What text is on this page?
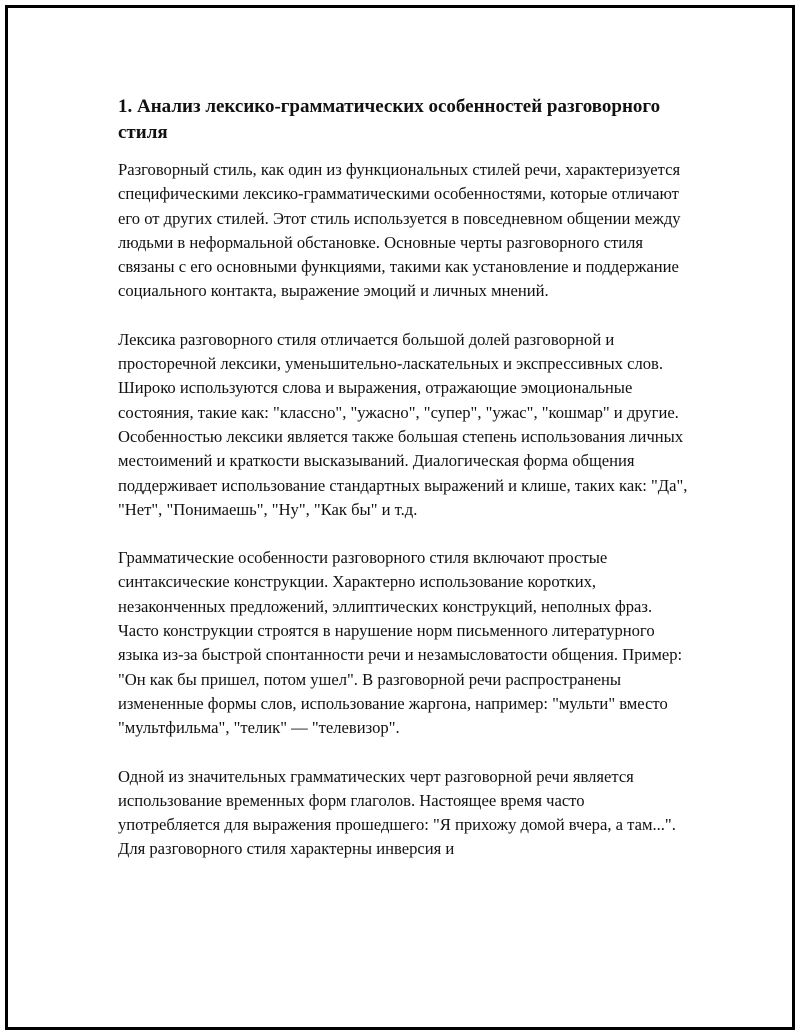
1. Анализ лексико-грамматических особенностей разговорного стиля

Разговорный стиль, как один из функциональных стилей речи, характеризуется специфическими лексико-грамматическими особенностями, которые отличают его от других стилей. Этот стиль используется в повседневном общении между людьми в неформальной обстановке. Основные черты разговорного стиля связаны с его основными функциями, такими как установление и поддержание социального контакта, выражение эмоций и личных мнений.

Лексика разговорного стиля отличается большой долей разговорной и просторечной лексики, уменьшительно-ласкательных и экспрессивных слов. Широко используются слова и выражения, отражающие эмоциональные состояния, такие как: "классно", "ужасно", "супер", "ужас", "кошмар" и другие. Особенностью лексики является также большая степень использования личных местоимений и краткости высказываний. Диалогическая форма общения поддерживает использование стандартных выражений и клише, таких как: "Да", "Нет", "Понимаешь", "Ну", "Как бы" и т.д.

Грамматические особенности разговорного стиля включают простые синтаксические конструкции. Характерно использование коротких, незаконченных предложений, эллиптических конструкций, неполных фраз. Часто конструкции строятся в нарушение норм письменного литературного языка из-за быстрой спонтанности речи и незамысловатости общения. Пример: "Он как бы пришел, потом ушел". В разговорной речи распространены измененные формы слов, использование жаргона, например: "мульти" вместо "мультфильма", "телик" — "телевизор".

Одной из значительных грамматических черт разговорной речи является использование временных форм глаголов. Настоящее время часто употребляется для выражения прошедшего: "Я прихожу домой вчера, а там...". Для разговорного стиля характерны инверсия и
